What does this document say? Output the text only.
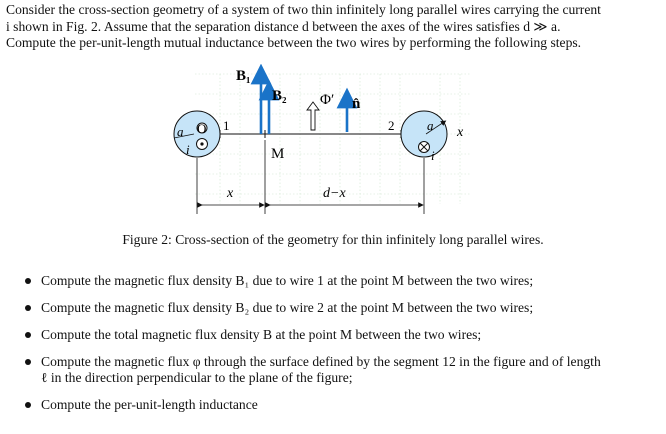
Consider the cross-section geometry of a system of two thin infinitely long parallel wires carrying the current

i shown in Fig. 2. Assume that the separation distance d between the axes of the wires satisfies d ≫ a.

Compute the per-unit-length mutual inductance between the two wires by performing the following steps.

B₁
B₂ Φ′ n̂
M
O 1	2
a	a
i	i
x
x	d−x
Figure 2: Cross-section of the geometry for thin infinitely long parallel wires.
Compute the magnetic flux density B₁ due to wire 1 at the point M between the two wires;
Compute the magnetic flux density B₂ due to wire 2 at the point M between the two wires;
Compute the total magnetic flux density B at the point M between the two wires;
Compute the magnetic flux φ through the surface defined by the segment 12 in the figure and of length
ℓ in the direction perpendicular to the plane of the figure;
Compute the per-unit-length inductance
